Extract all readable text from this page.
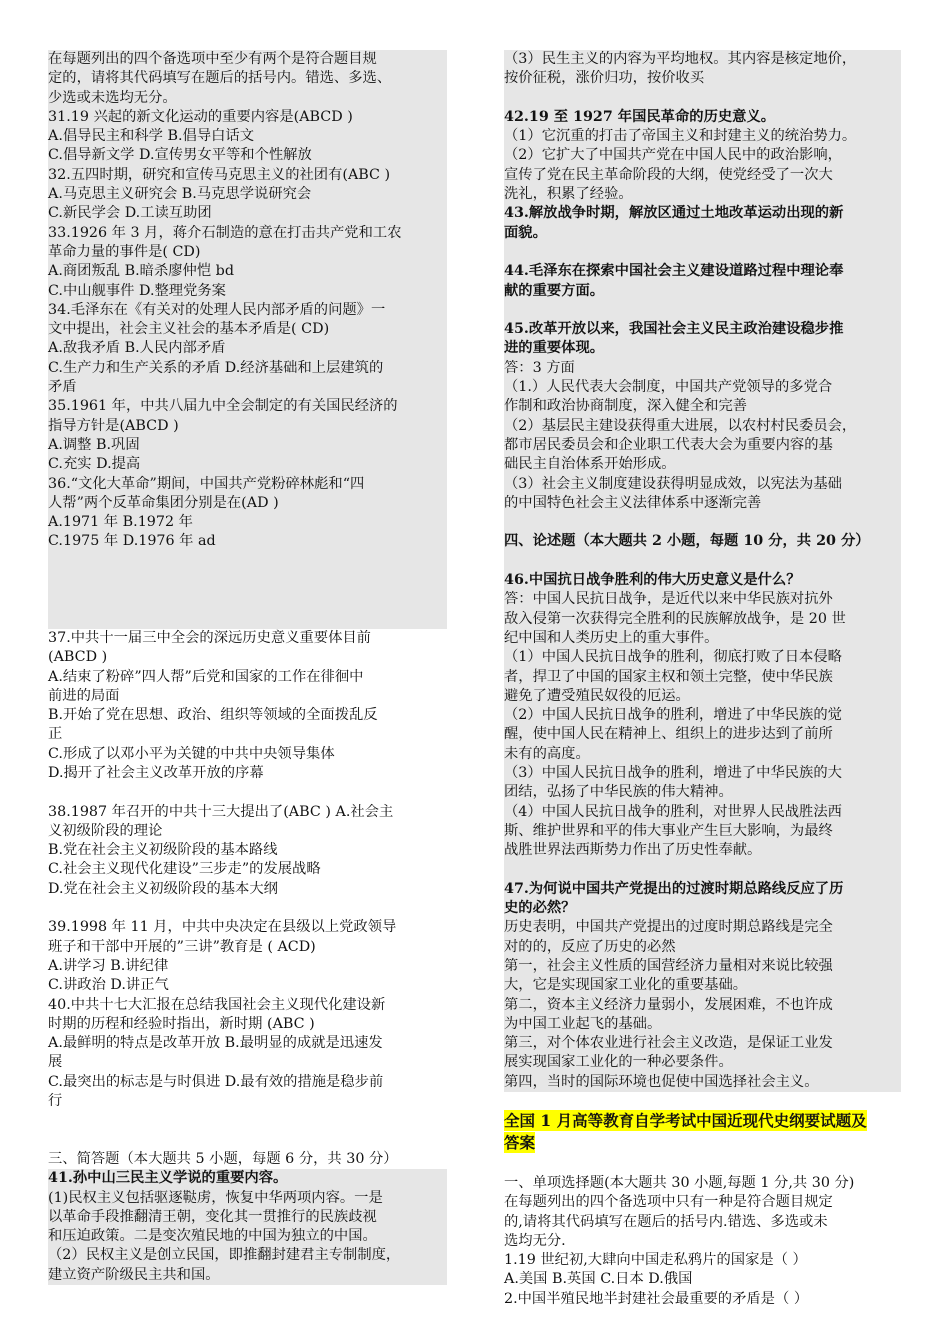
在每题列出的四个备选项中至少有两个是符合题目规

定的，请将其代码填写在题后的括号内。错选、多选、

少选或未选均无分。

31.19 兴起的新文化运动的重要内容是(ABCD )

A.倡导民主和科学 B.倡导白话文

C.倡导新文学 D.宣传男女平等和个性解放

32.五四时期，研究和宣传马克思主义的社团有(ABC )

A.马克思主义研究会 B.马克思学说研究会

C.新民学会 D.工读互助团

33.1926 年 3 月，蒋介石制造的意在打击共产党和工农

革命力量的事件是( CD)

A.商团叛乱 B.暗杀廖仲恺 bd

C.中山舰事件 D.整理党务案

34.毛泽东在《有关对的处理人民内部矛盾的问题》一

文中提出，社会主义社会的基本矛盾是( CD)

A.敌我矛盾 B.人民内部矛盾

C.生产力和生产关系的矛盾 D.经济基础和上层建筑的

矛盾

35.1961 年，中共八届九中全会制定的有关国民经济的

指导方针是(ABCD )

A.调整 B.巩固

C.充实 D.提高

36.“文化大革命”期间，中国共产党粉碎林彪和“四

人帮”两个反革命集团分别是在(AD )

A.1971 年 B.1972 年

C.1975 年 D.1976 年 ad

37.中共十一届三中全会的深远历史意义重要体目前

(ABCD )

A.结束了粉碎”四人帮”后党和国家的工作在徘徊中

前进的局面

B.开始了党在思想、政治、组织等领域的全面拨乱反

正

C.形成了以邓小平为关键的中共中央领导集体

D.揭开了社会主义改革开放的序幕

38.1987 年召开的中共十三大提出了(ABC ) A.社会主

义初级阶段的理论

B.党在社会主义初级阶段的基本路线

C.社会主义现代化建设”三步走”的发展战略

D.党在社会主义初级阶段的基本大纲

39.1998 年 11 月，中共中央决定在县级以上党政领导

班子和干部中开展的”三讲”教育是 ( ACD)

A.讲学习 B.讲纪律

C.讲政治 D.讲正气

40.中共十七大汇报在总结我国社会主义现代化建设新

时期的历程和经验时指出，新时期 (ABC )

A.最鲜明的特点是改革开放 B.最明显的成就是迅速发

展

C.最突出的标志是与时俱进 D.最有效的措施是稳步前

行

三、简答题（本大题共 5 小题，每题 6 分，共 30 分）

41.孙中山三民主义学说的重要内容。

(1)民权主义包括驱逐鞑虏，恢复中华两项内容。一是

以革命手段推翻清王朝，变化其一贯推行的民族歧视

和压迫政策。二是变次殖民地的中国为独立的中国。

（2）民权主义是创立民国，即推翻封建君主专制制度，

建立资产阶级民主共和国。

（3）民生主义的内容为平均地权。其内容是核定地价，

按价征税，涨价归功，按价收买

42.19 至 1927 年国民革命的历史意义。

（1）它沉重的打击了帝国主义和封建主义的统治势力。

（2）它扩大了中国共产党在中国人民中的政治影响，

宣传了党在民主革命阶段的大纲，使党经受了一次大

洗礼，积累了经验。

43.解放战争时期，解放区通过土地改革运动出现的新

面貌。

44.毛泽东在探索中国社会主义建设道路过程中理论奉

献的重要方面。

45.改革开放以来，我国社会主义民主政治建设稳步推

进的重要体现。

答：3 方面

（1.）人民代表大会制度，中国共产党领导的多党合

作制和政治协商制度，深入健全和完善

（2）基层民主建设获得重大进展，以农村村民委员会，

都市居民委员会和企业职工代表大会为重要内容的基

础民主自治体系开始形成。

（3）社会主义制度建设获得明显成效，以宪法为基础

的中国特色社会主义法律体系中逐渐完善

四、论述题（本大题共 2 小题，每题 10 分，共 20 分）

46.中国抗日战争胜利的伟大历史意义是什么？

答：中国人民抗日战争，是近代以来中华民族对抗外

敌入侵第一次获得完全胜利的民族解放战争，是 20 世

纪中国和人类历史上的重大事件。

（1）中国人民抗日战争的胜利，彻底打败了日本侵略

者，捍卫了中国的国家主权和领土完整，使中华民族

避免了遭受殖民奴役的厄运。

（2）中国人民抗日战争的胜利，增进了中华民族的觉

醒，使中国人民在精神上、组织上的进步达到了前所

未有的高度。

（3）中国人民抗日战争的胜利，增进了中华民族的大

团结，弘扬了中华民族的伟大精神。

（4）中国人民抗日战争的胜利，对世界人民战胜法西

斯、维护世界和平的伟大事业产生巨大影响，为最终

战胜世界法西斯势力作出了历史性奉献。

47.为何说中国共产党提出的过渡时期总路线反应了历

史的必然？

历史表明，中国共产党提出的过度时期总路线是完全

对的的，反应了历史的必然

第一，社会主义性质的国营经济力量相对来说比较强

大，它是实现国家工业化的重要基础。

第二，资本主义经济力量弱小，发展困难，不也许成

为中国工业起飞的基础。

第三，对个体农业进行社会主义改造，是保证工业发

展实现国家工业化的一种必要条件。

第四，当时的国际环境也促使中国选择社会主义。

全国 1 月高等教育自学考试中国近现代史纲要试题及

答案

一、单项选择题(本大题共 30 小题,每题 1 分,共 30 分)

在每题列出的四个备选项中只有一种是符合题目规定

的,请将其代码填写在题后的括号内.错选、多选或未

选均无分.

1.19 世纪初,大肆向中国走私鸦片的国家是（ ）

A.美国 B.英国 C.日本 D.俄国

2.中国半殖民地半封建社会最重要的矛盾是（ ）
